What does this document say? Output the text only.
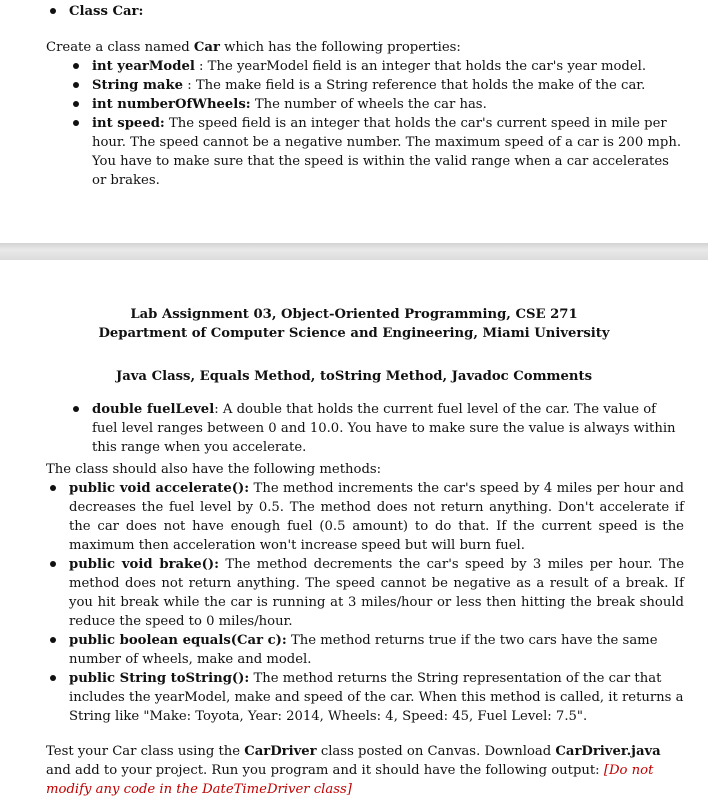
Class Car:

Create a class named Car which has the following properties:

int yearModel : The yearModel field is an integer that holds the car's year model.

String make : The make field is a String reference that holds the make of the car.

int numberOfWheels: The number of wheels the car has.

int speed: The speed field is an integer that holds the car's current speed in mile per hour. The speed cannot be a negative number. The maximum speed of a car is 200 mph. You have to make sure that the speed is within the valid range when a car accelerates or brakes.

Lab Assignment 03, Object-Oriented Programming, CSE 271

Department of Computer Science and Engineering, Miami University

Java Class, Equals Method, toString Method, Javadoc Comments

double fuelLevel: A double that holds the current fuel level of the car. The value of fuel level ranges between 0 and 10.0. You have to make sure the value is always within this range when you accelerate.

The class should also have the following methods:

public void accelerate(): The method increments the car's speed by 4 miles per hour and decreases the fuel level by 0.5. The method does not return anything. Don't accelerate if the car does not have enough fuel (0.5 amount) to do that. If the current speed is the maximum then acceleration won't increase speed but will burn fuel.

public void brake(): The method decrements the car's speed by 3 miles per hour. The method does not return anything. The speed cannot be negative as a result of a break. If you hit break while the car is running at 3 miles/hour or less then hitting the break should reduce the speed to 0 miles/hour.

public boolean equals(Car c): The method returns true if the two cars have the same number of wheels, make and model.

public String toString(): The method returns the String representation of the car that includes the yearModel, make and speed of the car. When this method is called, it returns a String like "Make: Toyota, Year: 2014, Wheels: 4, Speed: 45, Fuel Level: 7.5".

Test your Car class using the CarDriver class posted on Canvas. Download CarDriver.java and add to your project. Run you program and it should have the following output: [Do not modify any code in the DateTimeDriver class]
